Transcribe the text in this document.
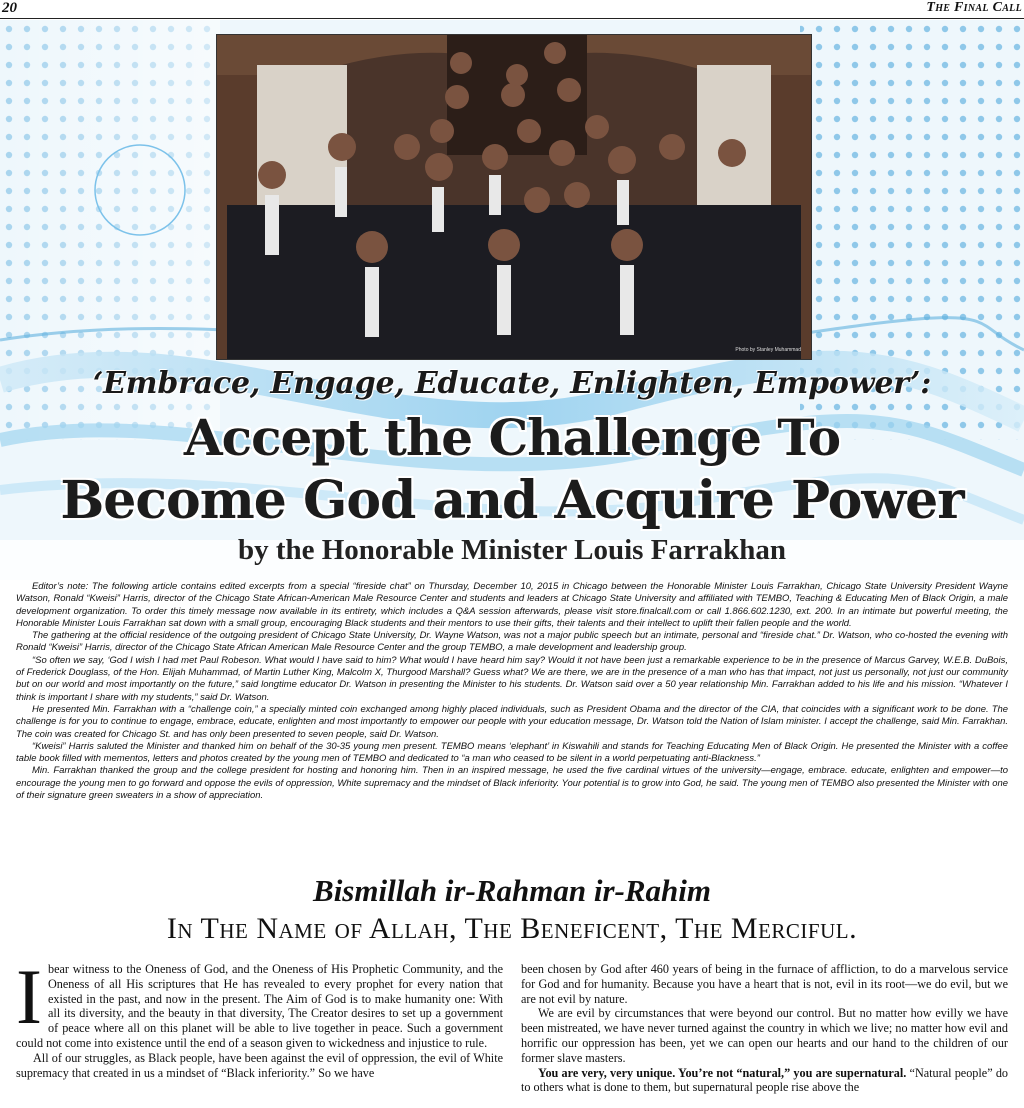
20	The Final Call
Photo by Stanley Muhammad
‘Embrace, Engage, Educate, Enlighten, Empower’:
Accept the Challenge To
Become God and Acquire Power
by the Honorable Minister Louis Farrakhan

Editor’s note: The following article contains edited excerpts from a special “fireside chat” on Thursday, December 10, 2015 in Chicago between the Honorable Minister Louis Farrakhan, Chicago State University President Wayne Watson, Ronald “Kweisi” Harris, director of the Chicago State African-American Male Resource Center and students and leaders at Chicago State University and affiliated with TEMBO, Teaching & Educating Men of Black Origin, a male development organization. To order this timely message now available in its entirety, which includes a Q&A session afterwards, please visit store.finalcall.com or call 1.866.602.1230, ext. 200. In an intimate but powerful meeting, the Honorable Minister Louis Farrakhan sat down with a small group, encouraging Black students and their mentors to use their gifts, their talents and their intellect to uplift their fallen people and the world.

The gathering at the official residence of the outgoing president of Chicago State University, Dr. Wayne Watson, was not a major public speech but an intimate, personal and “fireside chat.” Dr. Watson, who co-hosted the evening with Ronald “Kweisi” Harris, director of the Chicago State African American Male Resource Center and the group TEMBO, a male development and leadership group.

“So often we say, ‘God I wish I had met Paul Robeson. What would I have said to him? What would I have heard him say? Would it not have been just a remarkable experience to be in the presence of Marcus Garvey, W.E.B. DuBois, of Frederick Douglass, of the Hon. Elijah Muhammad, of Martin Luther King, Malcolm X, Thurgood Marshall? Guess what? We are there, we are in the presence of a man who has that impact, not just us personally, not just our community but on our world and most importantly on the future,” said longtime educator Dr. Watson in presenting the Minister to his students. Dr. Watson said over a 50 year relationship Min. Farrakhan added to his life and his mission. “Whatever I think is important I share with my students,” said Dr. Watson.

He presented Min. Farrakhan with a “challenge coin,” a specially minted coin exchanged among highly placed individuals, such as President Obama and the director of the CIA, that coincides with a significant work to be done. The challenge is for you to continue to engage, embrace, educate, enlighten and most importantly to empower our people with your education message, Dr. Watson told the Nation of Islam minister. I accept the challenge, said Min. Farrakhan. The coin was created for Chicago St. and has only been presented to seven people, said Dr. Watson.

“Kweisi” Harris saluted the Minister and thanked him on behalf of the 30-35 young men present. TEMBO means ‘elephant’ in Kiswahili and stands for Teaching Educating Men of Black Origin. He presented the Minister with a coffee table book filled with mementos, letters and photos created by the young men of TEMBO and dedicated to “a man who ceased to be silent in a world perpetuating anti-Blackness.”

Min. Farrakhan thanked the group and the college president for hosting and honoring him. Then in an inspired message, he used the five cardinal virtues of the university—engage, embrace. educate, enlighten and empower—to encourage the young men to go forward and oppose the evils of oppression, White supremacy and the mindset of Black inferiority. Your potential is to grow into God, he said. The young men of TEMBO also presented the Minister with one of their signature green sweaters in a show of appreciation.

Bismillah ir-Rahman ir-Rahim
In The Name of Allah, The Beneficent, The Merciful.

Ibear witness to the Oneness of God, and the Oneness of His Prophetic Community, and the Oneness of all His scriptures that He has revealed to every prophet for every nation that existed in the past, and now in the present. The Aim of God is to make humanity one: With all its diversity, and the beauty in that diversity, The Creator desires to set up a government of peace where all on this planet will be able to live together in peace. Such a government could not come into existence until the end of a season given to wickedness and injustice to rule.

All of our struggles, as Black people, have been against the evil of oppression, the evil of White supremacy that created in us a mindset of “Black inferiority.” So we have

been chosen by God after 460 years of being in the furnace of affliction, to do a marvelous service for God and for humanity. Because you have a heart that is not, evil in its root—we do evil, but we are not evil by nature.

We are evil by circumstances that were beyond our control. But no matter how evilly we have been mistreated, we have never turned against the country in which we live; no matter how evil and horrific our oppression has been, yet we can open our hearts and our hand to the children of our former slave masters.

You are very, very unique. You’re not “natural,” you are supernatural. “Natural people” do to others what is done to them, but supernatural people rise above the
